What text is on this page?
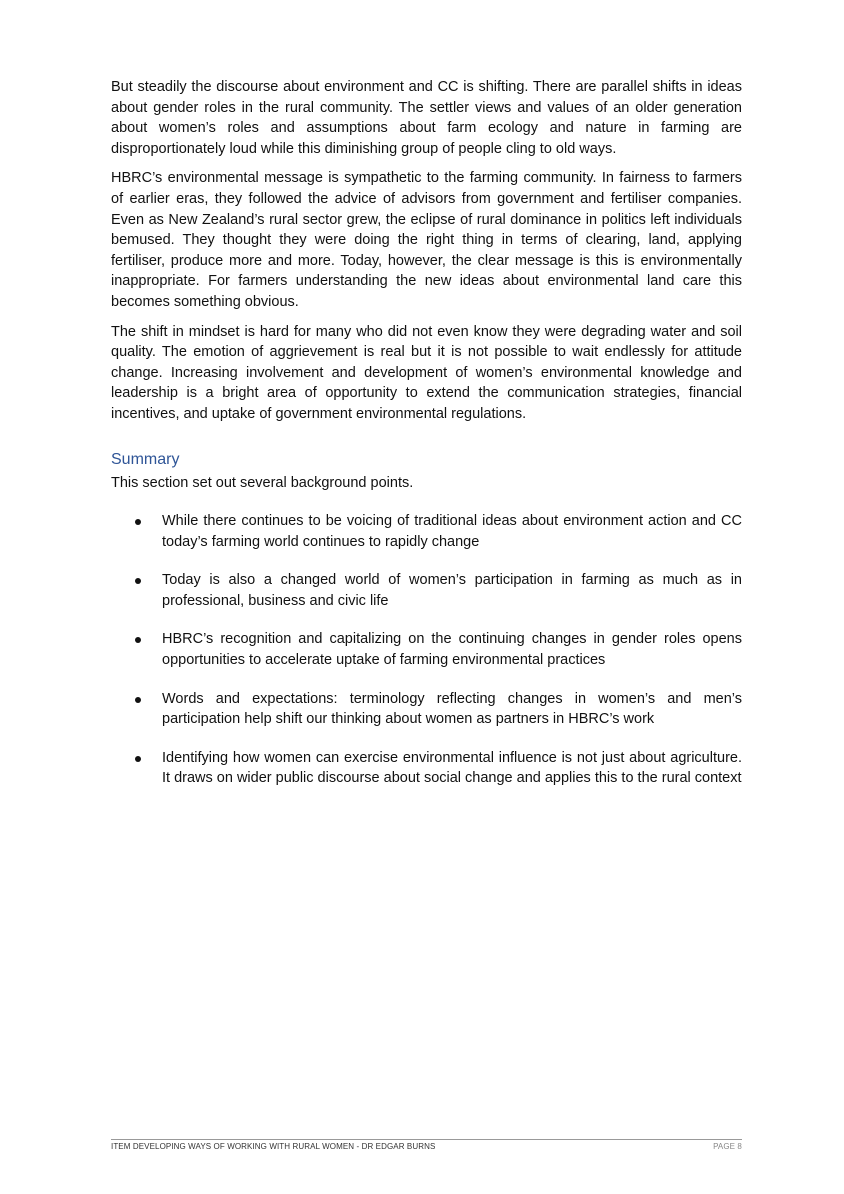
But steadily the discourse about environment and CC is shifting. There are parallel shifts in ideas about gender roles in the rural community. The settler views and values of an older generation about women’s roles and assumptions about farm ecology and nature in farming are disproportionately loud while this diminishing group of people cling to old ways.

HBRC’s environmental message is sympathetic to the farming community. In fairness to farmers of earlier eras, they followed the advice of advisors from government and fertiliser companies. Even as New Zealand’s rural sector grew, the eclipse of rural dominance in politics left individuals bemused. They thought they were doing the right thing in terms of clearing, land, applying fertiliser, produce more and more. Today, however, the clear message is this is environmentally inappropriate. For farmers understanding the new ideas about environmental land care this becomes something obvious.

The shift in mindset is hard for many who did not even know they were degrading water and soil quality. The emotion of aggrievement is real but it is not possible to wait endlessly for attitude change. Increasing involvement and development of women’s environmental knowledge and leadership is a bright area of opportunity to extend the communication strategies, financial incentives, and uptake of government environmental regulations.

Summary

This section set out several background points.

While there continues to be voicing of traditional ideas about environment action and CC today’s farming world continues to rapidly change
Today is also a changed world of women’s participation in farming as much as in professional, business and civic life
HBRC’s recognition and capitalizing on the continuing changes in gender roles opens opportunities to accelerate uptake of farming environmental practices
Words and expectations: terminology reflecting changes in women’s and men’s participation help shift our thinking about women as partners in HBRC’s work
Identifying how women can exercise environmental influence is not just about agriculture. It draws on wider public discourse about social change and applies this to the rural context
ITEM DEVELOPING WAYS OF WORKING WITH RURAL WOMEN - DR EDGAR BURNS	PAGE 8
